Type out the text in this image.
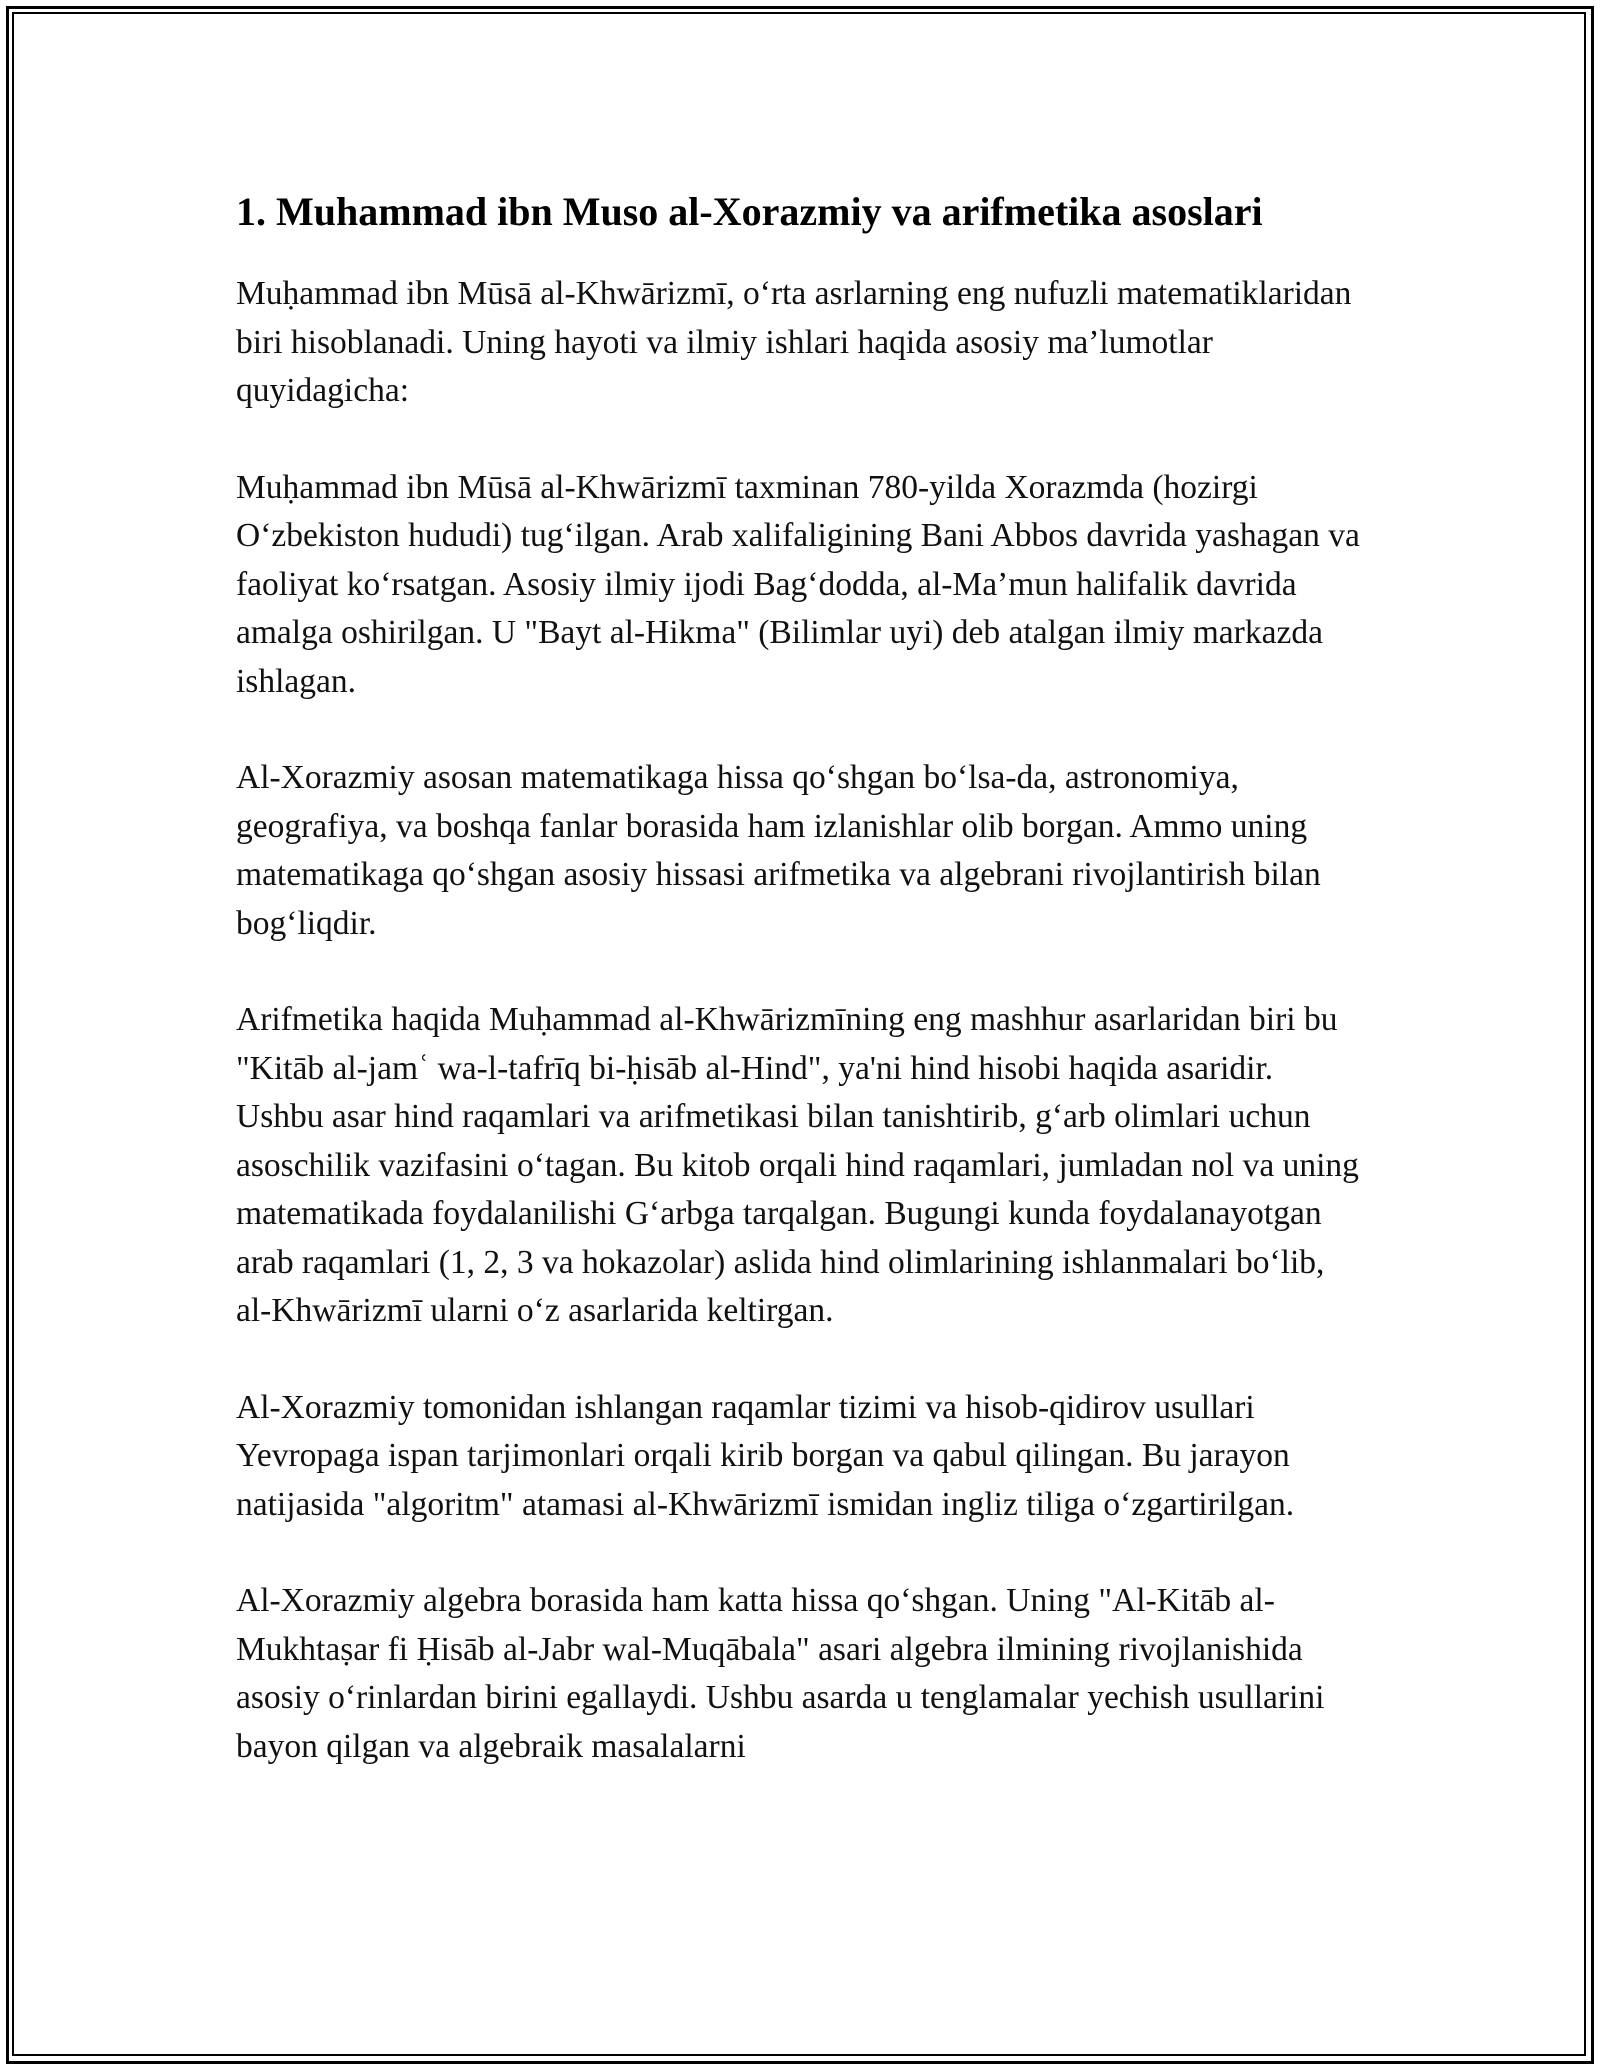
1. Muhammad ibn Muso al-Xorazmiy va arifmetika asoslari

Muḥammad ibn Mūsā al-Khwārizmī, o‘rta asrlarning eng nufuzli matematiklaridan biri hisoblanadi. Uning hayoti va ilmiy ishlari haqida asosiy ma’lumotlar quyidagicha:

Muḥammad ibn Mūsā al-Khwārizmī taxminan 780-yilda Xorazmda (hozirgi O‘zbekiston hududi) tug‘ilgan. Arab xalifaligining Bani Abbos davrida yashagan va faoliyat ko‘rsatgan. Asosiy ilmiy ijodi Bag‘dodda, al-Ma’mun halifalik davrida amalga oshirilgan. U "Bayt al-Hikma" (Bilimlar uyi) deb atalgan ilmiy markazda ishlagan.

Al-Xorazmiy asosan matematikaga hissa qo‘shgan bo‘lsa-da, astronomiya, geografiya, va boshqa fanlar borasida ham izlanishlar olib borgan. Ammo uning matematikaga qo‘shgan asosiy hissasi arifmetika va algebrani rivojlantirish bilan bog‘liqdir.

Arifmetika haqida Muḥammad al-Khwārizmīning eng mashhur asarlaridan biri bu "Kitāb al-jamʿ wa-l-tafrīq bi-ḥisāb al-Hind", ya'ni hind hisobi haqida asaridir. Ushbu asar hind raqamlari va arifmetikasi bilan tanishtirib, g‘arb olimlari uchun asoschilik vazifasini o‘tagan. Bu kitob orqali hind raqamlari, jumladan nol va uning matematikada foydalanilishi G‘arbga tarqalgan. Bugungi kunda foydalanayotgan arab raqamlari (1, 2, 3 va hokazolar) aslida hind olimlarining ishlanmalari bo‘lib, al-Khwārizmī ularni o‘z asarlarida keltirgan.

Al-Xorazmiy tomonidan ishlangan raqamlar tizimi va hisob-qidirov usullari Yevropaga ispan tarjimonlari orqali kirib borgan va qabul qilingan. Bu jarayon natijasida "algoritm" atamasi al-Khwārizmī ismidan ingliz tiliga o‘zgartirilgan.

Al-Xorazmiy algebra borasida ham katta hissa qo‘shgan. Uning "Al-Kitāb al-Mukhtaṣar fi Ḥisāb al-Jabr wal-Muqābala" asari algebra ilmining rivojlanishida asosiy o‘rinlardan birini egallaydi. Ushbu asarda u tenglamalar yechish usullarini bayon qilgan va algebraik masalalarni
